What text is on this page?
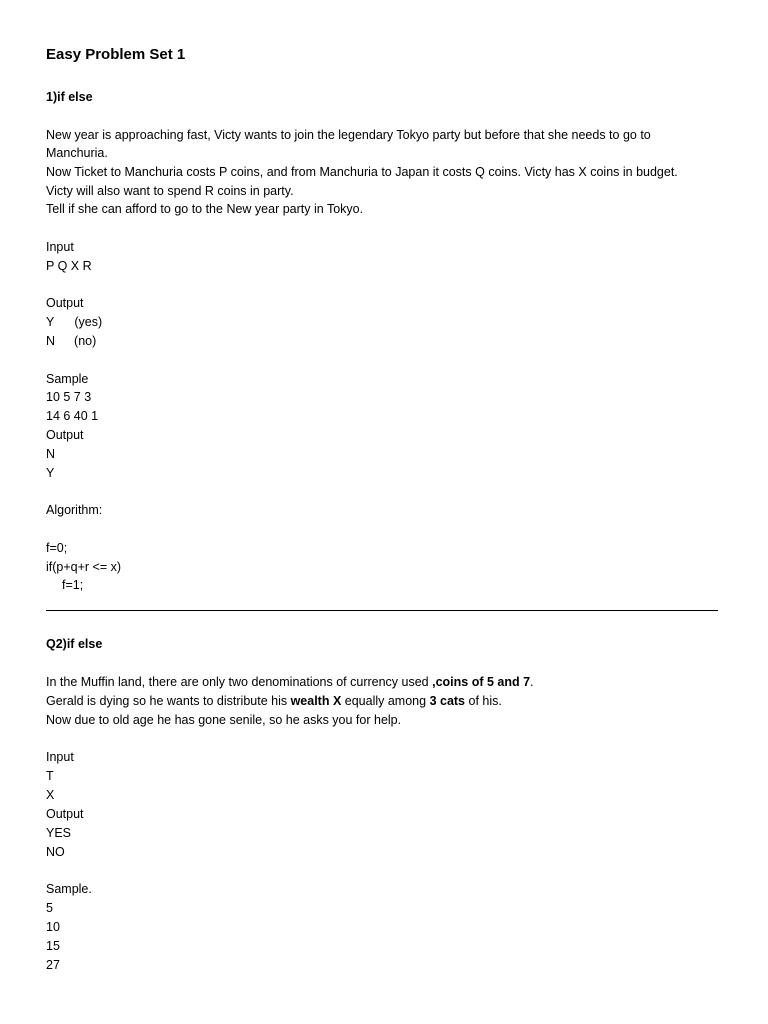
Easy Problem Set 1
1)if else
New year is approaching fast, Victy wants to join the legendary Tokyo party but before that she needs to go to
Manchuria.
Now Ticket to Manchuria costs P coins, and from Manchuria to Japan it costs Q coins. Victy has X coins in budget.
Victy will also want to spend R coins in party.
Tell if she can afford to go to the New year party in Tokyo.
Input
P Q X R
Output
Y (yes)
N (no)
Sample
10 5 7 3
14 6 40 1
Output
N
Y
Algorithm:
f=0;
if(p+q+r <= x)
f=1;
Q2)if else
In the Muffin land, there are only two denominations of currency used ,coins of 5 and 7.
Gerald is dying so he wants to distribute his wealth X equally among 3 cats of his.
Now due to old age he has gone senile, so he asks you for help.
Input
T
X
Output
YES
NO
Sample.
5
10
15
27
